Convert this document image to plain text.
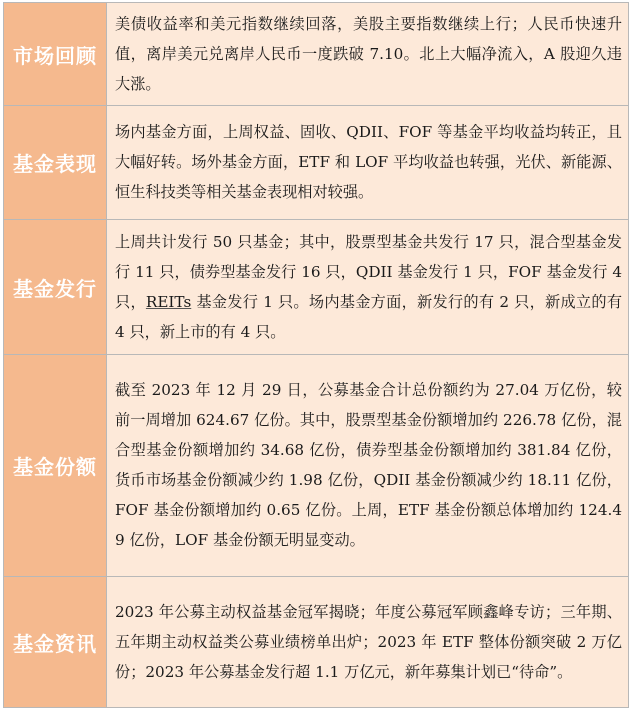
市场回顾	美债收益率和美元指数继续回落，美股主要指数继续上行；人民币快速升值，离岸美元兑离岸人民币一度跌破 7.10。北上大幅净流入，A 股迎久违大涨。

基金表现	场内基金方面，上周权益、固收、QDII、FOF 等基金平均收益均转正，且大幅好转。场外基金方面，ETF 和 LOF 平均收益也转强，光伏、新能源、恒生科技类等相关基金表现相对较强。

基金发行	上周共计发行 50 只基金；其中，股票型基金共发行 17 只，混合型基金发行 11 只，债券型基金发行 16 只，QDII 基金发行 1 只，FOF 基金发行 4 只，REITs 基金发行 1 只。场内基金方面，新发行的有 2 只，新成立的有 4 只，新上市的有 4 只。

基金份额	截至 2023 年 12 月 29 日，公募基金合计总份额约为 27.04 万亿份，较前一周增加 624.67 亿份。其中，股票型基金份额增加约 226.78 亿份，混合型基金份额增加约 34.68 亿份，债券型基金份额增加约 381.84 亿份，货币市场基金份额减少约 1.98 亿份，QDII 基金份额减少约 18.11 亿份，FOF 基金份额增加约 0.65 亿份。上周，ETF 基金份额总体增加约 124.49 亿份，LOF 基金份额无明显变动。

基金资讯	2023 年公募主动权益基金冠军揭晓；年度公募冠军顾鑫峰专访；三年期、五年期主动权益类公募业绩榜单出炉；2023 年 ETF 整体份额突破 2 万亿份；2023 年公募基金发行超 1.1 万亿元，新年募集计划已“待命”。
